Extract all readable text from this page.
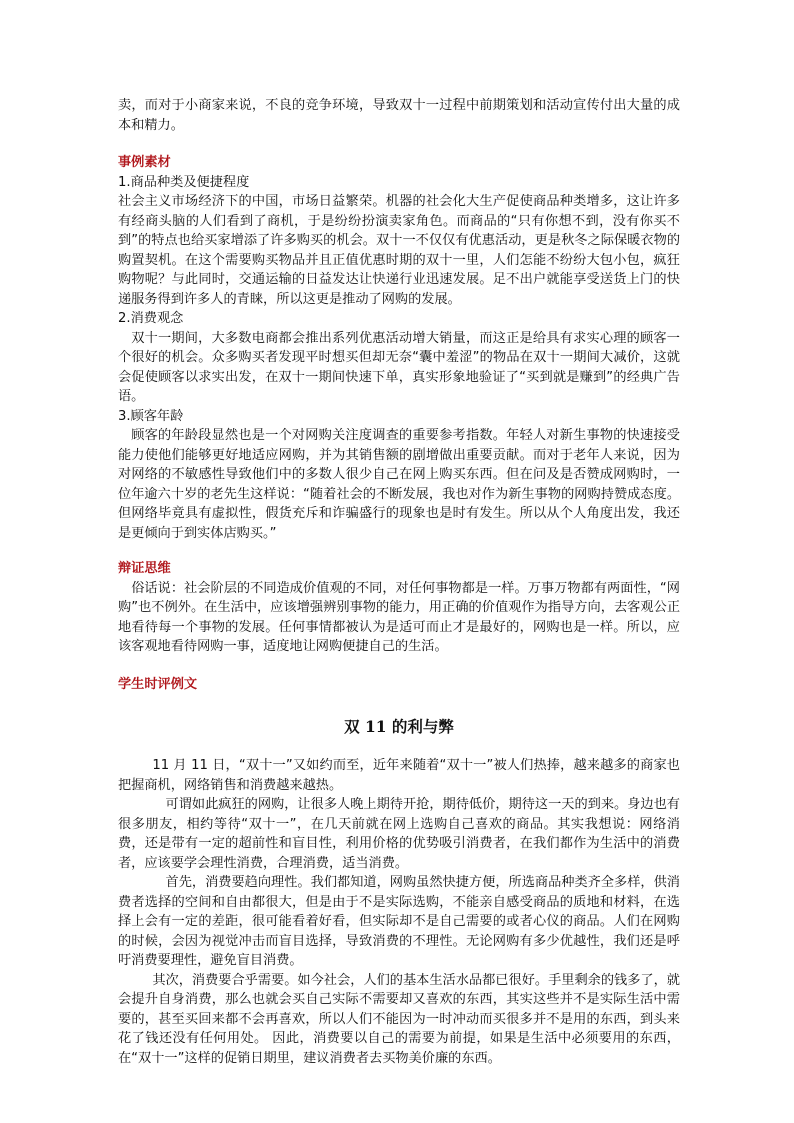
卖，而对于小商家来说，不良的竞争环境，导致双十一过程中前期策划和活动宣传付出大量的成本和精力。

事例素材

1.商品种类及便捷程度

社会主义市场经济下的中国，市场日益繁荣。机器的社会化大生产促使商品种类增多，这让许多有经商头脑的人们看到了商机，于是纷纷扮演卖家角色。而商品的“只有你想不到，没有你买不到”的特点也给买家增添了许多购买的机会。双十一不仅仅有优惠活动，更是秋冬之际保暖衣物的购置契机。在这个需要购买物品并且正值优惠时期的双十一里，人们怎能不纷纷大包小包，疯狂购物呢？与此同时，交通运输的日益发达让快递行业迅速发展。足不出户就能享受送货上门的快递服务得到许多人的青睐，所以这更是推动了网购的发展。

2.消费观念

双十一期间，大多数电商都会推出系列优惠活动增大销量，而这正是给具有求实心理的顾客一个很好的机会。众多购买者发现平时想买但却无奈“囊中羞涩”的物品在双十一期间大减价，这就会促使顾客以求实出发，在双十一期间快速下单，真实形象地验证了“买到就是赚到”的经典广告语。

3.顾客年龄

顾客的年龄段显然也是一个对网购关注度调查的重要参考指数。年轻人对新生事物的快速接受能力使他们能够更好地适应网购，并为其销售额的剧增做出重要贡献。而对于老年人来说，因为对网络的不敏感性导致他们中的多数人很少自己在网上购买东西。但在问及是否赞成网购时，一位年逾六十岁的老先生这样说：“随着社会的不断发展，我也对作为新生事物的网购持赞成态度。但网络毕竟具有虚拟性，假货充斥和诈骗盛行的现象也是时有发生。所以从个人角度出发，我还是更倾向于到实体店购买。”

辩证思维

俗话说：社会阶层的不同造成价值观的不同，对任何事物都是一样。万事万物都有两面性，“网购”也不例外。在生活中，应该增强辨别事物的能力，用正确的价值观作为指导方向，去客观公正地看待每一个事物的发展。任何事情都被认为是适可而止才是最好的，网购也是一样。所以，应该客观地看待网购一事，适度地让网购便捷自己的生活。

学生时评例文

双 11 的利与弊

11 月 11 日，“双十一”又如约而至，近年来随着“双十一”被人们热捧，越来越多的商家也把握商机，网络销售和消费越来越热。

可谓如此疯狂的网购，让很多人晚上期待开抢，期待低价，期待这一天的到来。身边也有很多朋友，相约等待“双十一”，在几天前就在网上选购自己喜欢的商品。其实我想说：网络消费，还是带有一定的超前性和盲目性，利用价格的优势吸引消费者，在我们都作为生活中的消费者，应该要学会理性消费，合理消费，适当消费。

首先，消费要趋向理性。我们都知道，网购虽然快捷方便，所选商品种类齐全多样，供消费者选择的空间和自由都很大，但是由于不是实际选购，不能亲自感受商品的质地和材料，在选择上会有一定的差距，很可能看着好看，但实际却不是自己需要的或者心仪的商品。人们在网购的时候，会因为视觉冲击而盲目选择，导致消费的不理性。无论网购有多少优越性，我们还是呼吁消费要理性，避免盲目消费。

其次，消费要合乎需要。如今社会，人们的基本生活水品都已很好。手里剩余的钱多了，就会提升自身消费，那么也就会买自己实际不需要却又喜欢的东西，其实这些并不是实际生活中需要的，甚至买回来都不会再喜欢，所以人们不能因为一时冲动而买很多并不是用的东西，到头来花了钱还没有任何用处。 因此，消费要以自己的需要为前提，如果是生活中必须要用的东西，在“双十一”这样的促销日期里，建议消费者去买物美价廉的东西。
